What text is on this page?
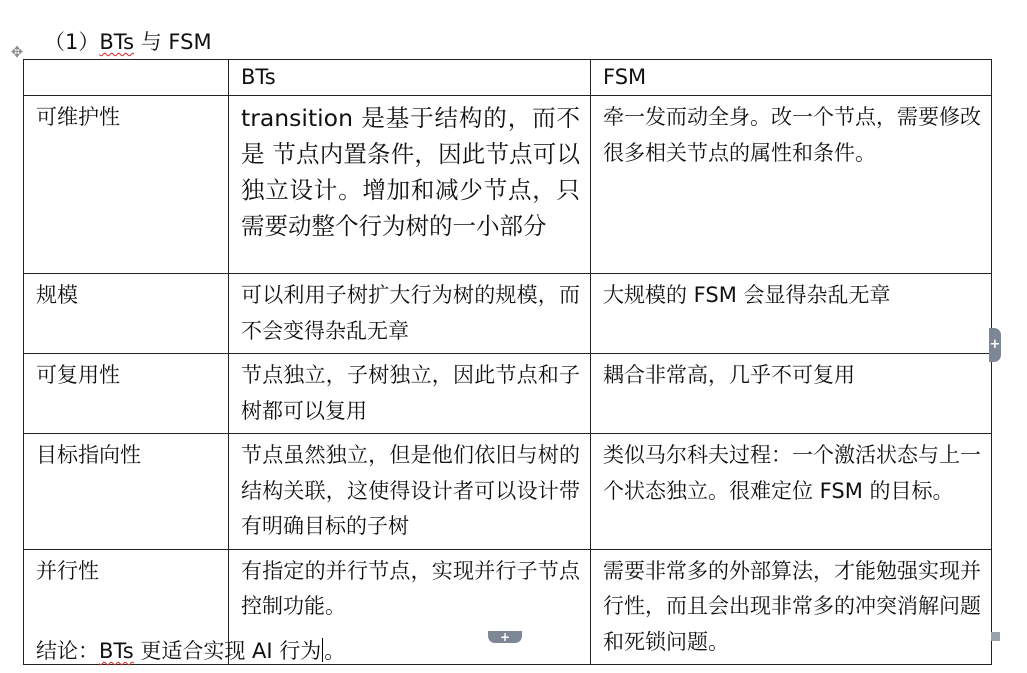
✥ （1）BTs 与 FSM
	BTs	FSM
可维护性	transition 是基于结构的，而不是 节点内置条件，因此节点可以独立设计。增加和减少节点，只需要动整个行为树的一小部分	牵一发而动全身。改一个节点，需要修改很多相关节点的属性和条件。
规模	可以利用子树扩大行为树的规模，而不会变得杂乱无章	大规模的 FSM 会显得杂乱无章
可复用性	节点独立，子树独立，因此节点和子树都可以复用	耦合非常高，几乎不可复用
目标指向性	节点虽然独立，但是他们依旧与树的结构关联，这使得设计者可以设计带有明确目标的子树	类似马尔科夫过程：一个激活状态与上一个状态独立。很难定位 FSM 的目标。
并行性	有指定的并行节点，实现并行子节点控制功能。	需要非常多的外部算法，才能勉强实现并行性，而且会出现非常多的冲突消解问题和死锁问题。
+
+
结论：BTs 更适合实现 AI 行为 。
